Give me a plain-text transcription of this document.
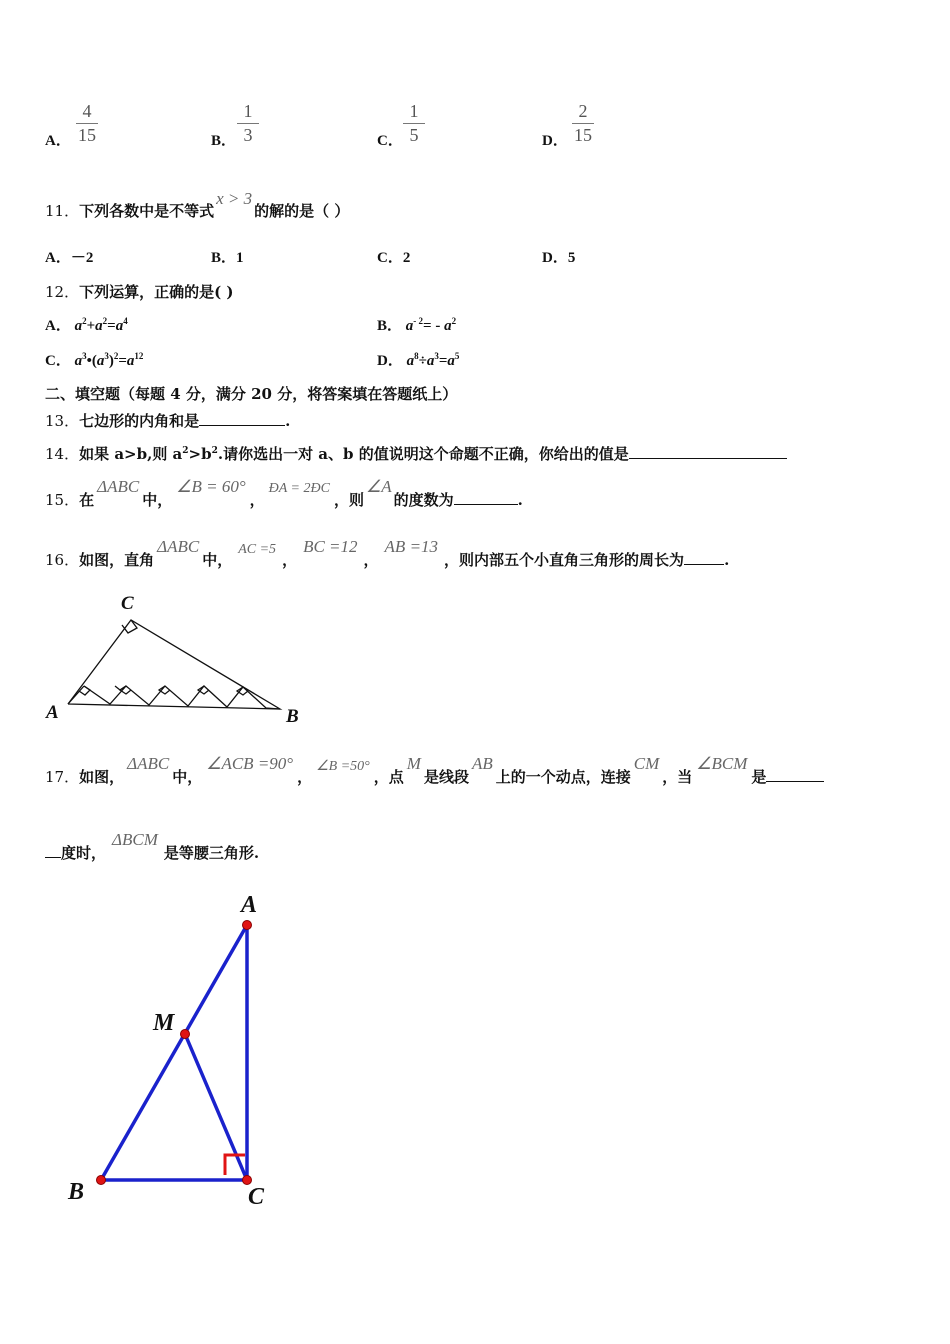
A．
4
15	B．
1
3	C．
1
5	D．
2
15
11．下列各数中是不等式x > 3的解的是（ ）
A．－2	B．1	C．2	D．5
12．下列运算，正确的是( )
A． $a^2+a^2=a^4$	B． $a^{- 2}= - a^2$
C． $a^3•(a^3)^2=a^{12}$	D． $a^8\div a^3=a^5$
二、填空题（每题 4 分，满分 20 分，将答案填在答题纸上）
13．七边形的内角和是	.
14．如果 a>b,则 $a^2>b^2$.请你选出一对 a、b 的值说明这个命题不正确，你给出的值是
15．在ΔABC中，∠B = 60°，ÐA = 2ÐC，则∠A的度数为	.
16．如图，直角ΔABC中，AC =5，BC =12，AB =13，则内部五个小直角三角形的周长为	.
A
C
B
17．如图，ΔABC中，∠ACB =90°，∠B =50°，点M是线段AB上的一个动点，连接CM，当∠BCM是
度时，ΔBCM是等腰三角形.
A
M
B	C
